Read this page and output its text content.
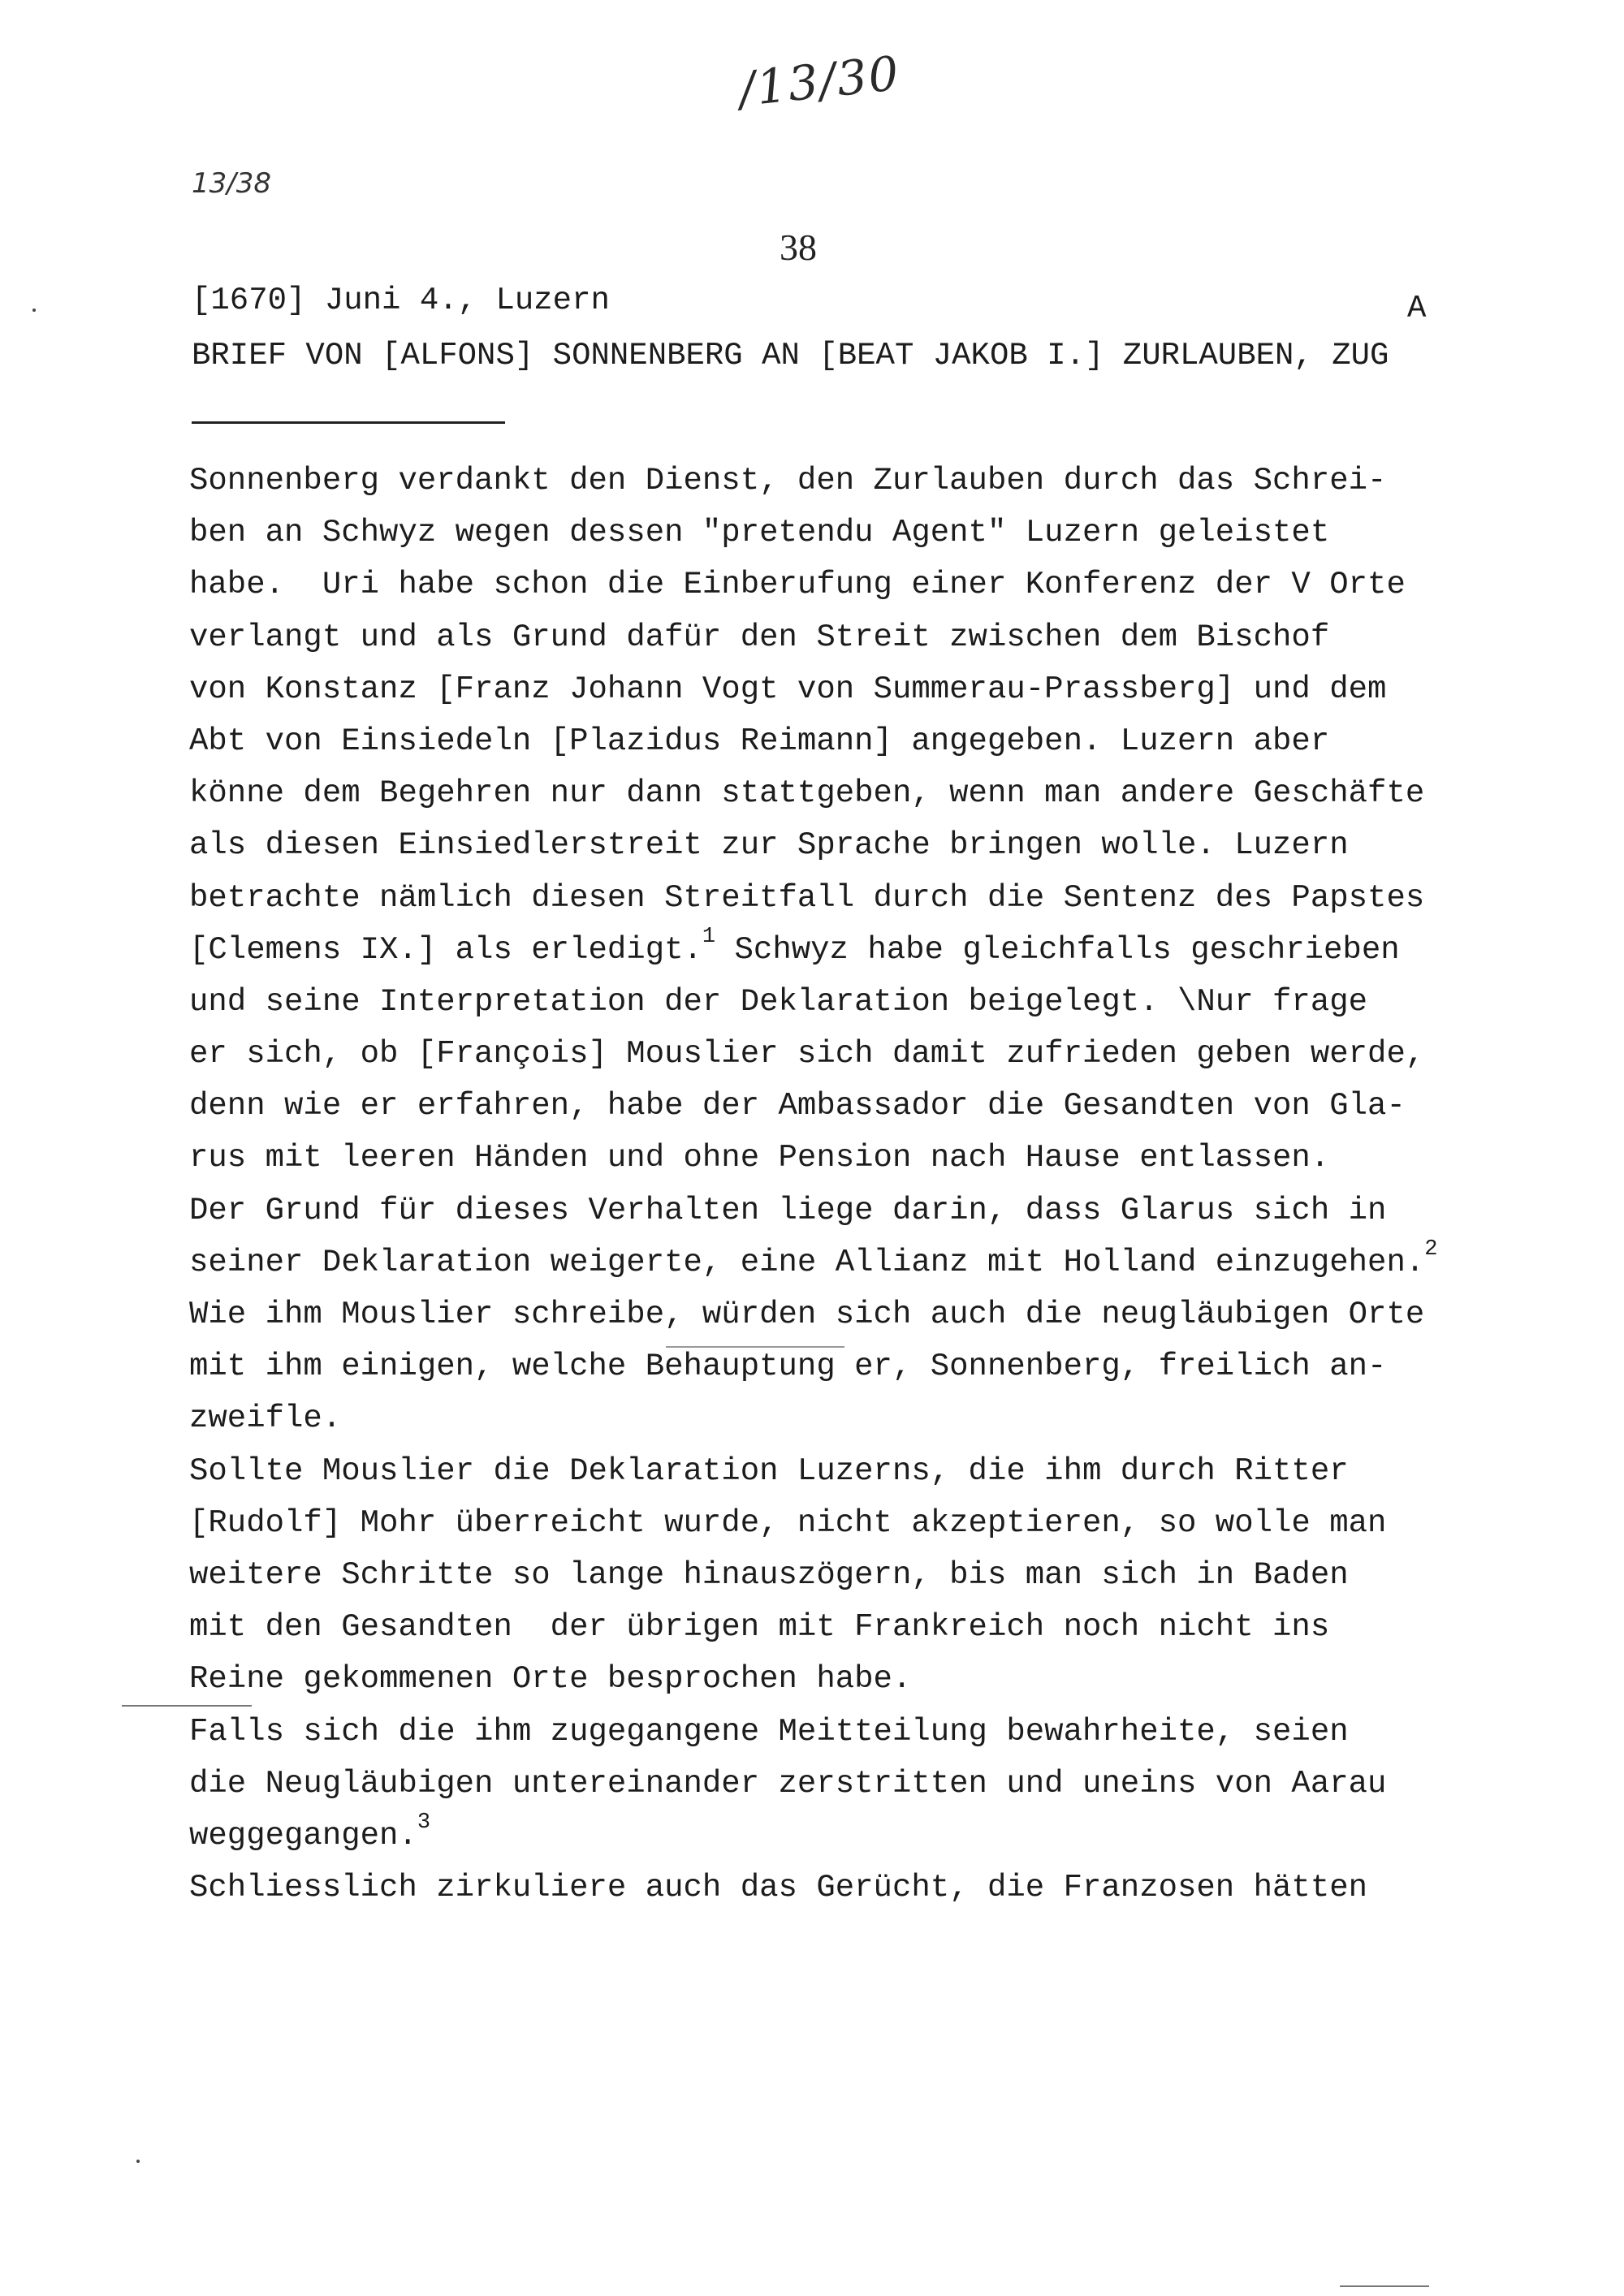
/13/30
13/38
38
[1670] Juni 4., Luzern	A
BRIEF VON [ALFONS] SONNENBERG AN [BEAT JAKOB I.] ZURLAUBEN, ZUG
Sonnenberg verdankt den Dienst, den Zurlauben durch das Schrei-
ben an Schwyz wegen dessen "pretendu Agent" Luzern geleistet
habe.  Uri habe schon die Einberufung einer Konferenz der V Orte
verlangt und als Grund dafür den Streit zwischen dem Bischof
von Konstanz [Franz Johann Vogt von Summerau-Prassberg] und dem
Abt von Einsiedeln [Plazidus Reimann] angegeben. Luzern aber
könne dem Begehren nur dann stattgeben, wenn man andere Geschäfte
als diesen Einsiedlerstreit zur Sprache bringen wolle. Luzern
betrachte nämlich diesen Streitfall durch die Sentenz des Papstes
[Clemens IX.] als erledigt.$^1$ Schwyz habe gleichfalls geschrieben
und seine Interpretation der Deklaration beigelegt. \Nur frage
er sich, ob [François] Mouslier sich damit zufrieden geben werde,
denn wie er erfahren, habe der Ambassador die Gesandten von Gla-
rus mit leeren Händen und ohne Pension nach Hause entlassen.
Der Grund für dieses Verhalten liege darin, dass Glarus sich in
seiner Deklaration weigerte, eine Allianz mit Holland einzugehen.$^2$
Wie ihm Mouslier schreibe, würden sich auch die neugläubigen Orte
mit ihm einigen, welche Behauptung er, Sonnenberg, freilich an-
zweifle.
Sollte Mouslier die Deklaration Luzerns, die ihm durch Ritter
[Rudolf] Mohr überreicht wurde, nicht akzeptieren, so wolle man
weitere Schritte so lange hinauszögern, bis man sich in Baden
mit den Gesandten  der übrigen mit Frankreich noch nicht ins
Reine gekommenen Orte besprochen habe.
Falls sich die ihm zugegangene Meitteilung bewahrheite, seien
die Neugläubigen untereinander zerstritten und uneins von Aarau
weggegangen.$^3$
Schliesslich zirkuliere auch das Gerücht, die Franzosen hätten
